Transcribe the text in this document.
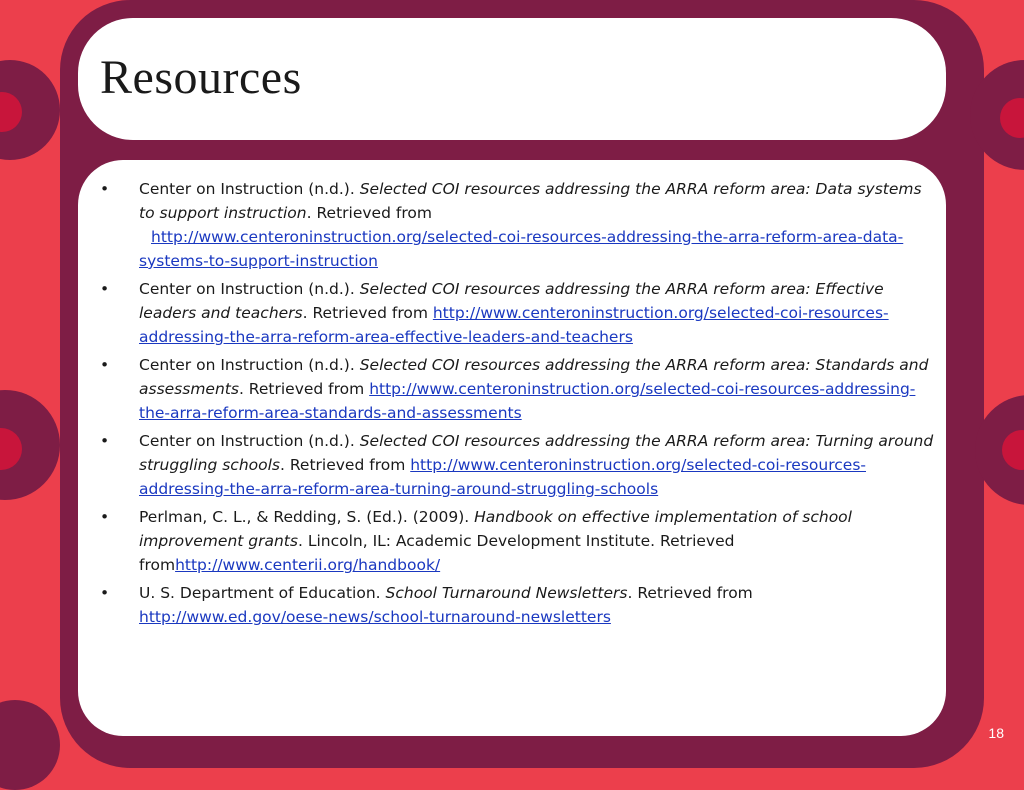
Resources
• Center on Instruction (n.d.). Selected COI resources addressing the ARRA reform area: Data systems to support instruction. Retrieved from
http://www.centeroninstruction.org/selected-coi-resources-addressing-the-arra-reform-area-data-systems-to-support-instruction
• Center on Instruction (n.d.). Selected COI resources addressing the ARRA reform area: Effective leaders and teachers. Retrieved from http://www.centeroninstruction.org/selected-coi-resources-addressing-the-arra-reform-area-effective-leaders-and-teachers
• Center on Instruction (n.d.). Selected COI resources addressing the ARRA reform area: Standards and assessments. Retrieved from http://www.centeroninstruction.org/selected-coi-resources-addressing-the-arra-reform-area-standards-and-assessments
• Center on Instruction (n.d.). Selected COI resources addressing the ARRA reform area: Turning around struggling schools. Retrieved from http://www.centeroninstruction.org/selected-coi-resources-addressing-the-arra-reform-area-turning-around-struggling-schools
• Perlman, C. L., & Redding, S. (Ed.). (2009). Handbook on effective implementation of school improvement grants. Lincoln, IL: Academic Development Institute. Retrieved fromhttp://www.centerii.org/handbook/
• U. S. Department of Education. School Turnaround Newsletters. Retrieved from http://www.ed.gov/oese-news/school-turnaround-newsletters
18
